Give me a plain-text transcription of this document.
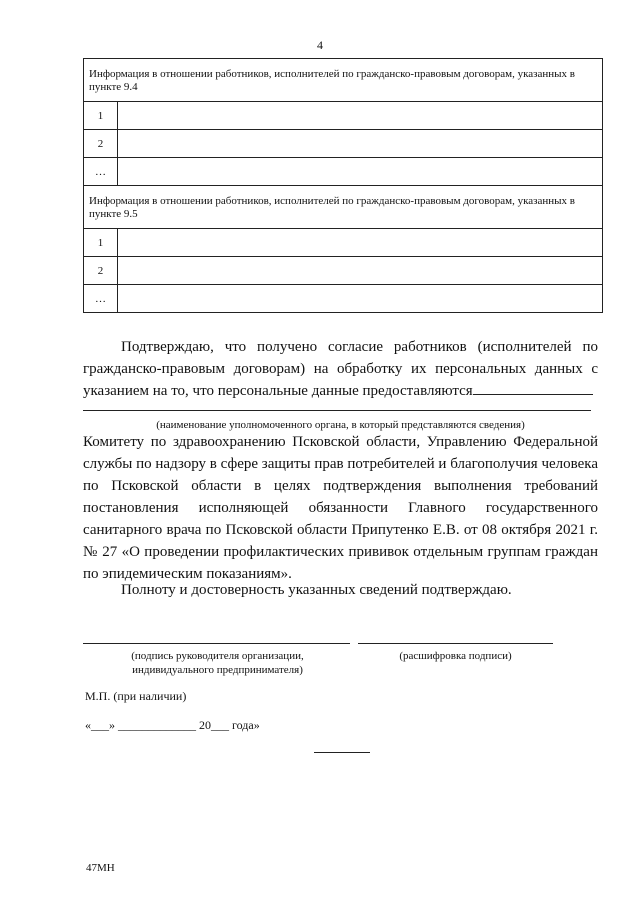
4
Информация в отношении работников, исполнителей по гражданско-правовым договорам, указанных в пункте 9.4	
1	
2	
…	
Информация в отношении работников, исполнителей по гражданско-правовым договорам, указанных в пункте 9.5	
1	
2	
…	
Подтверждаю, что получено согласие работников (исполнителей по гражданско-правовым договорам) на обработку их персональных данных с указанием на то, что персональные данные предоставляются
(наименование уполномоченного органа, в который представляются сведения)
Комитету по здравоохранению Псковской области, Управлению Федеральной службы по надзору в сфере защиты прав потребителей и благополучия человека по Псковской области в целях подтверждения выполнения требований постановления исполняющей обязанности Главного государственного санитарного врача по Псковской области Припутенко Е.В. от 08 октября 2021 г. № 27 «О проведении профилактических прививок отдельным группам граждан по эпидемическим показаниям».
Полноту и достоверность указанных сведений подтверждаю.
(подпись руководителя организации, индивидуального предпринимателя)
(расшифровка подписи)
М.П. (при наличии)
«___» _____________ 20___ года»
47МН
